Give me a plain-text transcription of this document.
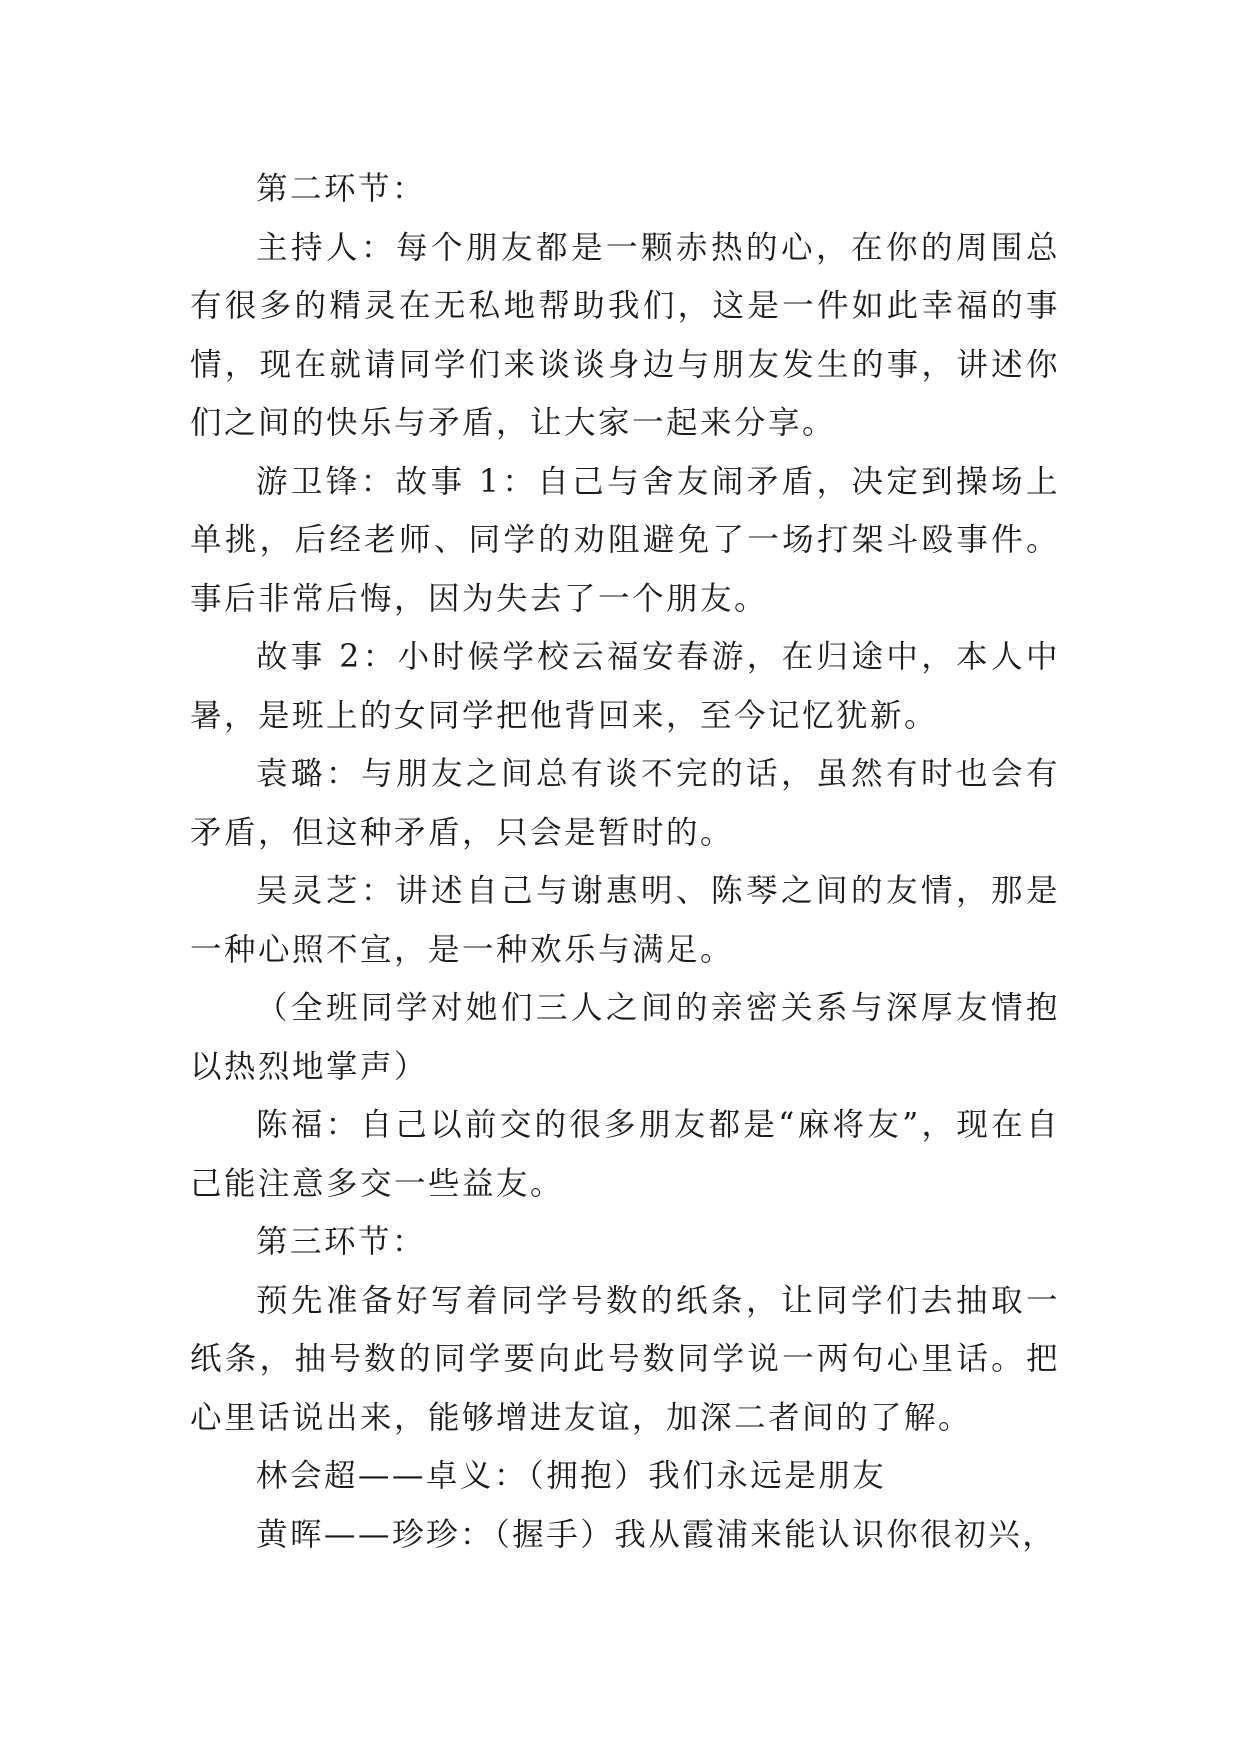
第二环节：

主持人：每个朋友都是一颗赤热的心，在你的周围总有很多的精灵在无私地帮助我们，这是一件如此幸福的事情，现在就请同学们来谈谈身边与朋友发生的事，讲述你们之间的快乐与矛盾，让大家一起来分享。

游卫锋：故事 1：自己与舍友闹矛盾，决定到操场上单挑，后经老师、同学的劝阻避免了一场打架斗殴事件。事后非常后悔，因为失去了一个朋友。

故事 2：小时候学校云福安春游，在归途中，本人中暑，是班上的女同学把他背回来，至今记忆犹新。

袁璐：与朋友之间总有谈不完的话，虽然有时也会有矛盾，但这种矛盾，只会是暂时的。

吴灵芝：讲述自己与谢惠明、陈琴之间的友情，那是一种心照不宣，是一种欢乐与满足。

（全班同学对她们三人之间的亲密关系与深厚友情抱以热烈地掌声）

陈福：自己以前交的很多朋友都是“麻将友”，现在自己能注意多交一些益友。

第三环节：

预先准备好写着同学号数的纸条，让同学们去抽取一纸条，抽号数的同学要向此号数同学说一两句心里话。把心里话说出来，能够增进友谊，加深二者间的了解。

林会超——卓义：（拥抱）我们永远是朋友

黄晖——珍珍：（握手）我从霞浦来能认识你很初兴，
